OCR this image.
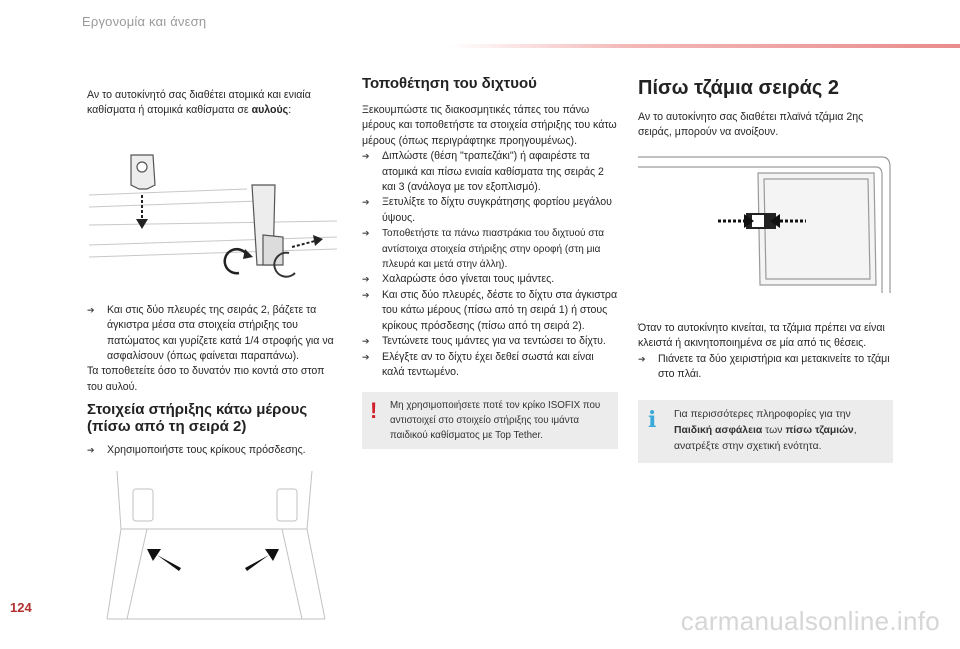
Εργονομία και άνεση

Αν το αυτοκίνητό σας διαθέτει ατομικά και ενιαία καθίσματα ή ατομικά καθίσματα σε αυλούς:

➔ Και στις δύο πλευρές της σειράς 2, βάζετε τα άγκιστρα μέσα στα στοιχεία στήριξης του πατώματος και γυρίζετε κατά 1/4 στροφής για να ασφαλίσουν (όπως φαίνεται παραπάνω).

Τα τοποθετείτε όσο το δυνατόν πιο κοντά στο στοπ του αυλού.

Στοιχεία στήριξης κάτω μέρους (πίσω από τη σειρά 2)

➔ Χρησιμοποιήστε τους κρίκους πρόσδεσης.

Τοποθέτηση του διχτυού

Ξεκουμπώστε τις διακοσμητικές τάπες του πάνω μέρους και τοποθετήστε τα στοιχεία στήριξης του κάτω μέρους (όπως περιγράφτηκε προηγουμένως).

➔ Διπλώστε (θέση "τραπεζάκι") ή αφαιρέστε τα ατομικά και πίσω ενιαία καθίσματα της σειράς 2 και 3 (ανάλογα με τον εξοπλισμό).

➔ Ξετυλίξτε το δίχτυ συγκράτησης φορτίου μεγάλου ύψους.

➔ Τοποθετήστε τα πάνω πιαστράκια του διχτυού στα αντίστοιχα στοιχεία στήριξης στην οροφή (στη μια πλευρά και μετά στην άλλη).

➔ Χαλαρώστε όσο γίνεται τους ιμάντες.

➔ Και στις δύο πλευρές, δέστε το δίχτυ στα άγκιστρα του κάτω μέρους (πίσω από τη σειρά 1) ή στους κρίκους πρόσδεσης (πίσω από τη σειρά 2).

➔ Τεντώνετε τους ιμάντες για να τεντώσει το δίχτυ.

➔ Ελέγξτε αν το δίχτυ έχει δεθεί σωστά και είναι καλά τεντωμένο.

! Μη χρησιμοποιήσετε ποτέ τον κρίκο ISOFIX που αντιστοιχεί στο στοιχείο στήριξης του ιμάντα παιδικού καθίσματος με Top Tether.
Πίσω τζάμια σειράς 2

Αν το αυτοκίνητο σας διαθέτει πλαϊνά τζάμια 2ης σειράς, μπορούν να ανοίξουν.

Όταν το αυτοκίνητο κινείται, τα τζάμια πρέπει να είναι κλειστά ή ακινητοποιημένα σε μία από τις θέσεις.

➔ Πιάνετε τα δύο χειριστήρια και μετακινείτε το τζάμι στο πλάι.

i Για περισσότερες πληροφορίες για την Παιδική ασφάλεια των πίσω τζαμιών, ανατρέξτε στην σχετική ενότητα.
124	carmanualsonline.info
